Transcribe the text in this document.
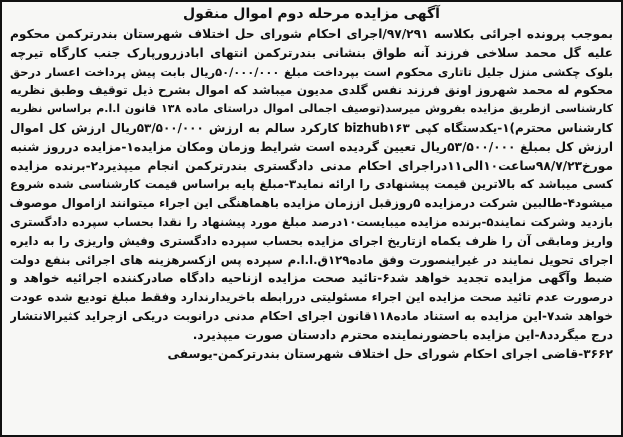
آگهی مزایده مرحله دوم اموال منقول
بموجب پرونده اجرائی بکلاسه ۹۷/۲۹۱/اجرای احکام شورای حل اختلاف شهرستان بندرترکمن محکوم
علیه گل محمد سلاخی فرزند آنه طواق بنشانی بندرترکمن انتهای ابادزرورپارک جنب کارگاه تیرچه
بلوک چکشی منزل جلیل تاتاری محکوم است بپرداخت مبلغ ۵۰/۰۰۰/۰۰۰ریال بابت پیش پرداخت اعسار درحق
محکوم له محمد شهروز اونق فرزند نفس گلدی مدیون میباشد که اموال بشرح ذیل توقیف وطبق نظریه
کارشناسی ازطریق مزایده بفروش میرسد(توصیف اجمالی اموال دراستای ماده ۱۳۸ قانون ا.ا.م براساس نظریه
کارشناس محترم)۱-یکدستگاه کپی bizhub۱۶۳ کارکرد سالم به ارزش ۵۳/۵۰۰/۰۰۰ریال ارزش کل اموال
ارزش کل بمبلغ ۵۳/۵۰۰/۰۰۰ریال تعیین گردیده است شرایط وزمان ومکان مزایده۱-مزایده درروز شنبه
مورخ۹۸/۷/۲۳ساعت۱۰الی۱۱دراجرای احکام مدنی دادگستری بندرترکمن انجام میپذیرد۲-برنده مزایده
کسی میباشد که بالاترین قیمت پیشنهادی را ارائه نماید۳-مبلغ پایه براساس قیمت کارشناسی شده شروع
میشود۴-طالبین شرکت درمزایده ۵روزقبل اززمان مزایده باهماهنگی این اجراء میتوانند ازاموال موصوف
بازدید وشرکت نمایند۵-برنده مزایده میبایست۱۰درصد مبلغ مورد پیشنهاد را نقدا بحساب سپرده دادگستری
واریز ومابقی آن را ظرف یکماه ازتاریخ اجرای مزایده بحساب سپرده دادگستری وفیش واریزی را به دایره
اجرای تحویل نمایند در غیراینصورت وفق ماده۱۲۹ق.ا.ا.م سپرده پس ازکسرهزینه های اجرائی بنفع دولت
ضبط وآگهی مزایده تجدید خواهد شد۶-تائید صحت مزایده ازناحیه دادگاه صادرکننده اجرائیه خواهد و
درصورت عدم تائید صحت مزایده این اجراء مسئولیتی دررابطه باخریدارندارد وفقط مبلغ تودیع شده عودت
خواهد شد۷-این مزایده به استناد ماده۱۱۸قانون اجرای احکام مدنی درانوبت دریکی ازجراید کثیرالانتشار
درج میگردد۸-این مزایده باحضورنماینده محترم دادستان صورت میپذیرد.
۳۶۶۲-قاضی اجرای احکام شورای حل اختلاف شهرستان بندرترکمن-یوسفی
